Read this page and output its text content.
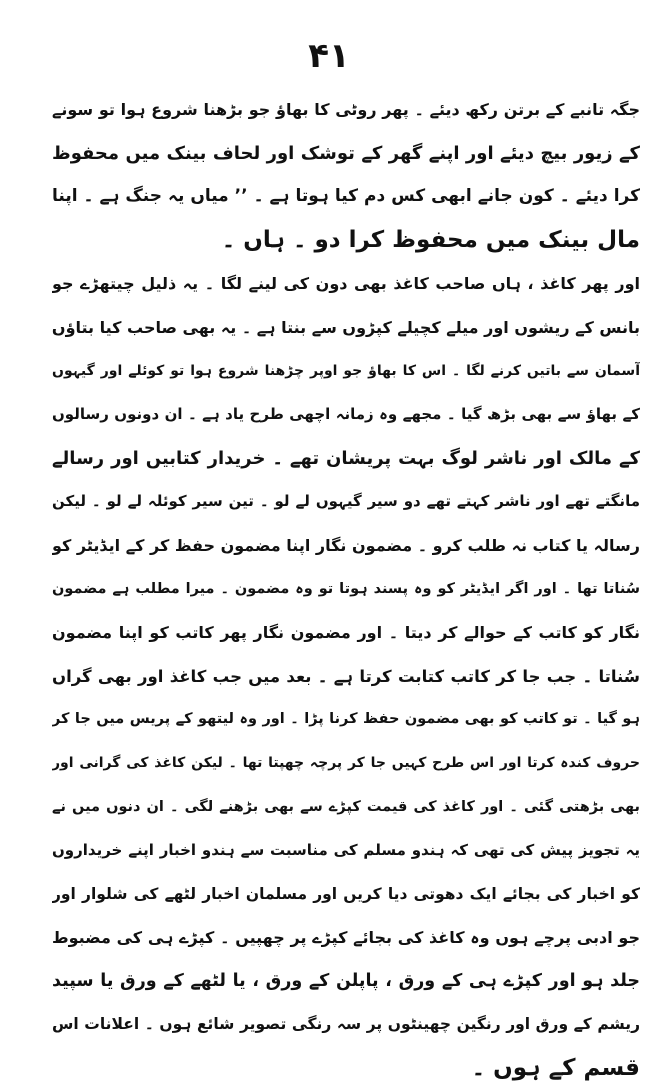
۴۱
جگہ تانبے کے برتن رکھ دیئے ۔ پھر روٹی کا بھاؤ جو بڑھنا شروع ہوا تو سونے
کے زیور بیچ دیئے اور اپنے گھر کے توشک اور لحاف بینک میں محفوظ
کرا دیئے ۔ کون جانے ابھی کس دم کیا ہوتا ہے ۔ ’’ میاں یہ جنگ ہے ۔ اپنا
مال بینک میں محفوظ کرا دو ۔ ہاں ۔
اور پھر کاغذ ، ہاں صاحب کاغذ بھی دون کی لینے لگا ۔ یہ ذلیل چیتھڑے جو
بانس کے ریشوں اور میلے کچیلے کپڑوں سے بنتا ہے ۔ یہ بھی صاحب کیا بتاؤں
آسمان سے باتیں کرنے لگا ۔ اس کا بھاؤ جو اوپر چڑھنا شروع ہوا تو کوئلے اور گیہوں
کے بھاؤ سے بھی بڑھ گیا ۔ مجھے وہ زمانہ اچھی طرح یاد ہے ۔ ان دونوں رسالوں
کے مالک اور ناشر لوگ بہت پریشان تھے ۔ خریدار کتابیں اور رسالے
مانگتے تھے اور ناشر کہتے تھے دو سیر گیہوں لے لو ۔ تین سیر کوئلہ لے لو ۔ لیکن
رسالہ یا کتاب نہ طلب کرو ۔ مضمون نگار اپنا مضمون حفظ کر کے ایڈیٹر کو
سُناتا تھا ۔ اور اگر ایڈیٹر کو وہ پسند ہوتا تو وہ مضمون ۔ میرا مطلب ہے مضمون
نگار کو کاتب کے حوالے کر دیتا ۔ اور مضمون نگار پھر کاتب کو اپنا مضمون
سُناتا ۔ جب جا کر کاتب کتابت کرتا ہے ۔ بعد میں جب کاغذ اور بھی گراں
ہو گیا ۔ تو کاتب کو بھی مضمون حفظ کرنا پڑا ۔ اور وہ لیتھو کے پریس میں جا کر
حروف کندہ کرتا اور اس طرح کہیں جا کر پرچہ چھپتا تھا ۔ لیکن کاغذ کی گرانی اور
بھی بڑھتی گئی ۔ اور کاغذ کی قیمت کپڑے سے بھی بڑھنے لگی ۔ ان دنوں میں نے
یہ تجویز پیش کی تھی کہ ہندو مسلم کی مناسبت سے ہندو اخبار اپنے خریداروں
کو اخبار کی بجائے ایک دھوتی دیا کریں اور مسلمان اخبار لٹھے کی شلوار اور
جو ادبی پرچے ہوں وہ کاغذ کی بجائے کپڑے پر چھپیں ۔ کپڑے ہی کی مضبوط
جلد ہو اور کپڑے ہی کے ورق ، پاپلن کے ورق ، یا لٹھے کے ورق یا سپید
ریشم کے ورق اور رنگین چھینٹوں پر سہ رنگی تصویر شائع ہوں ۔ اعلانات اس
قسم کے ہوں ۔
